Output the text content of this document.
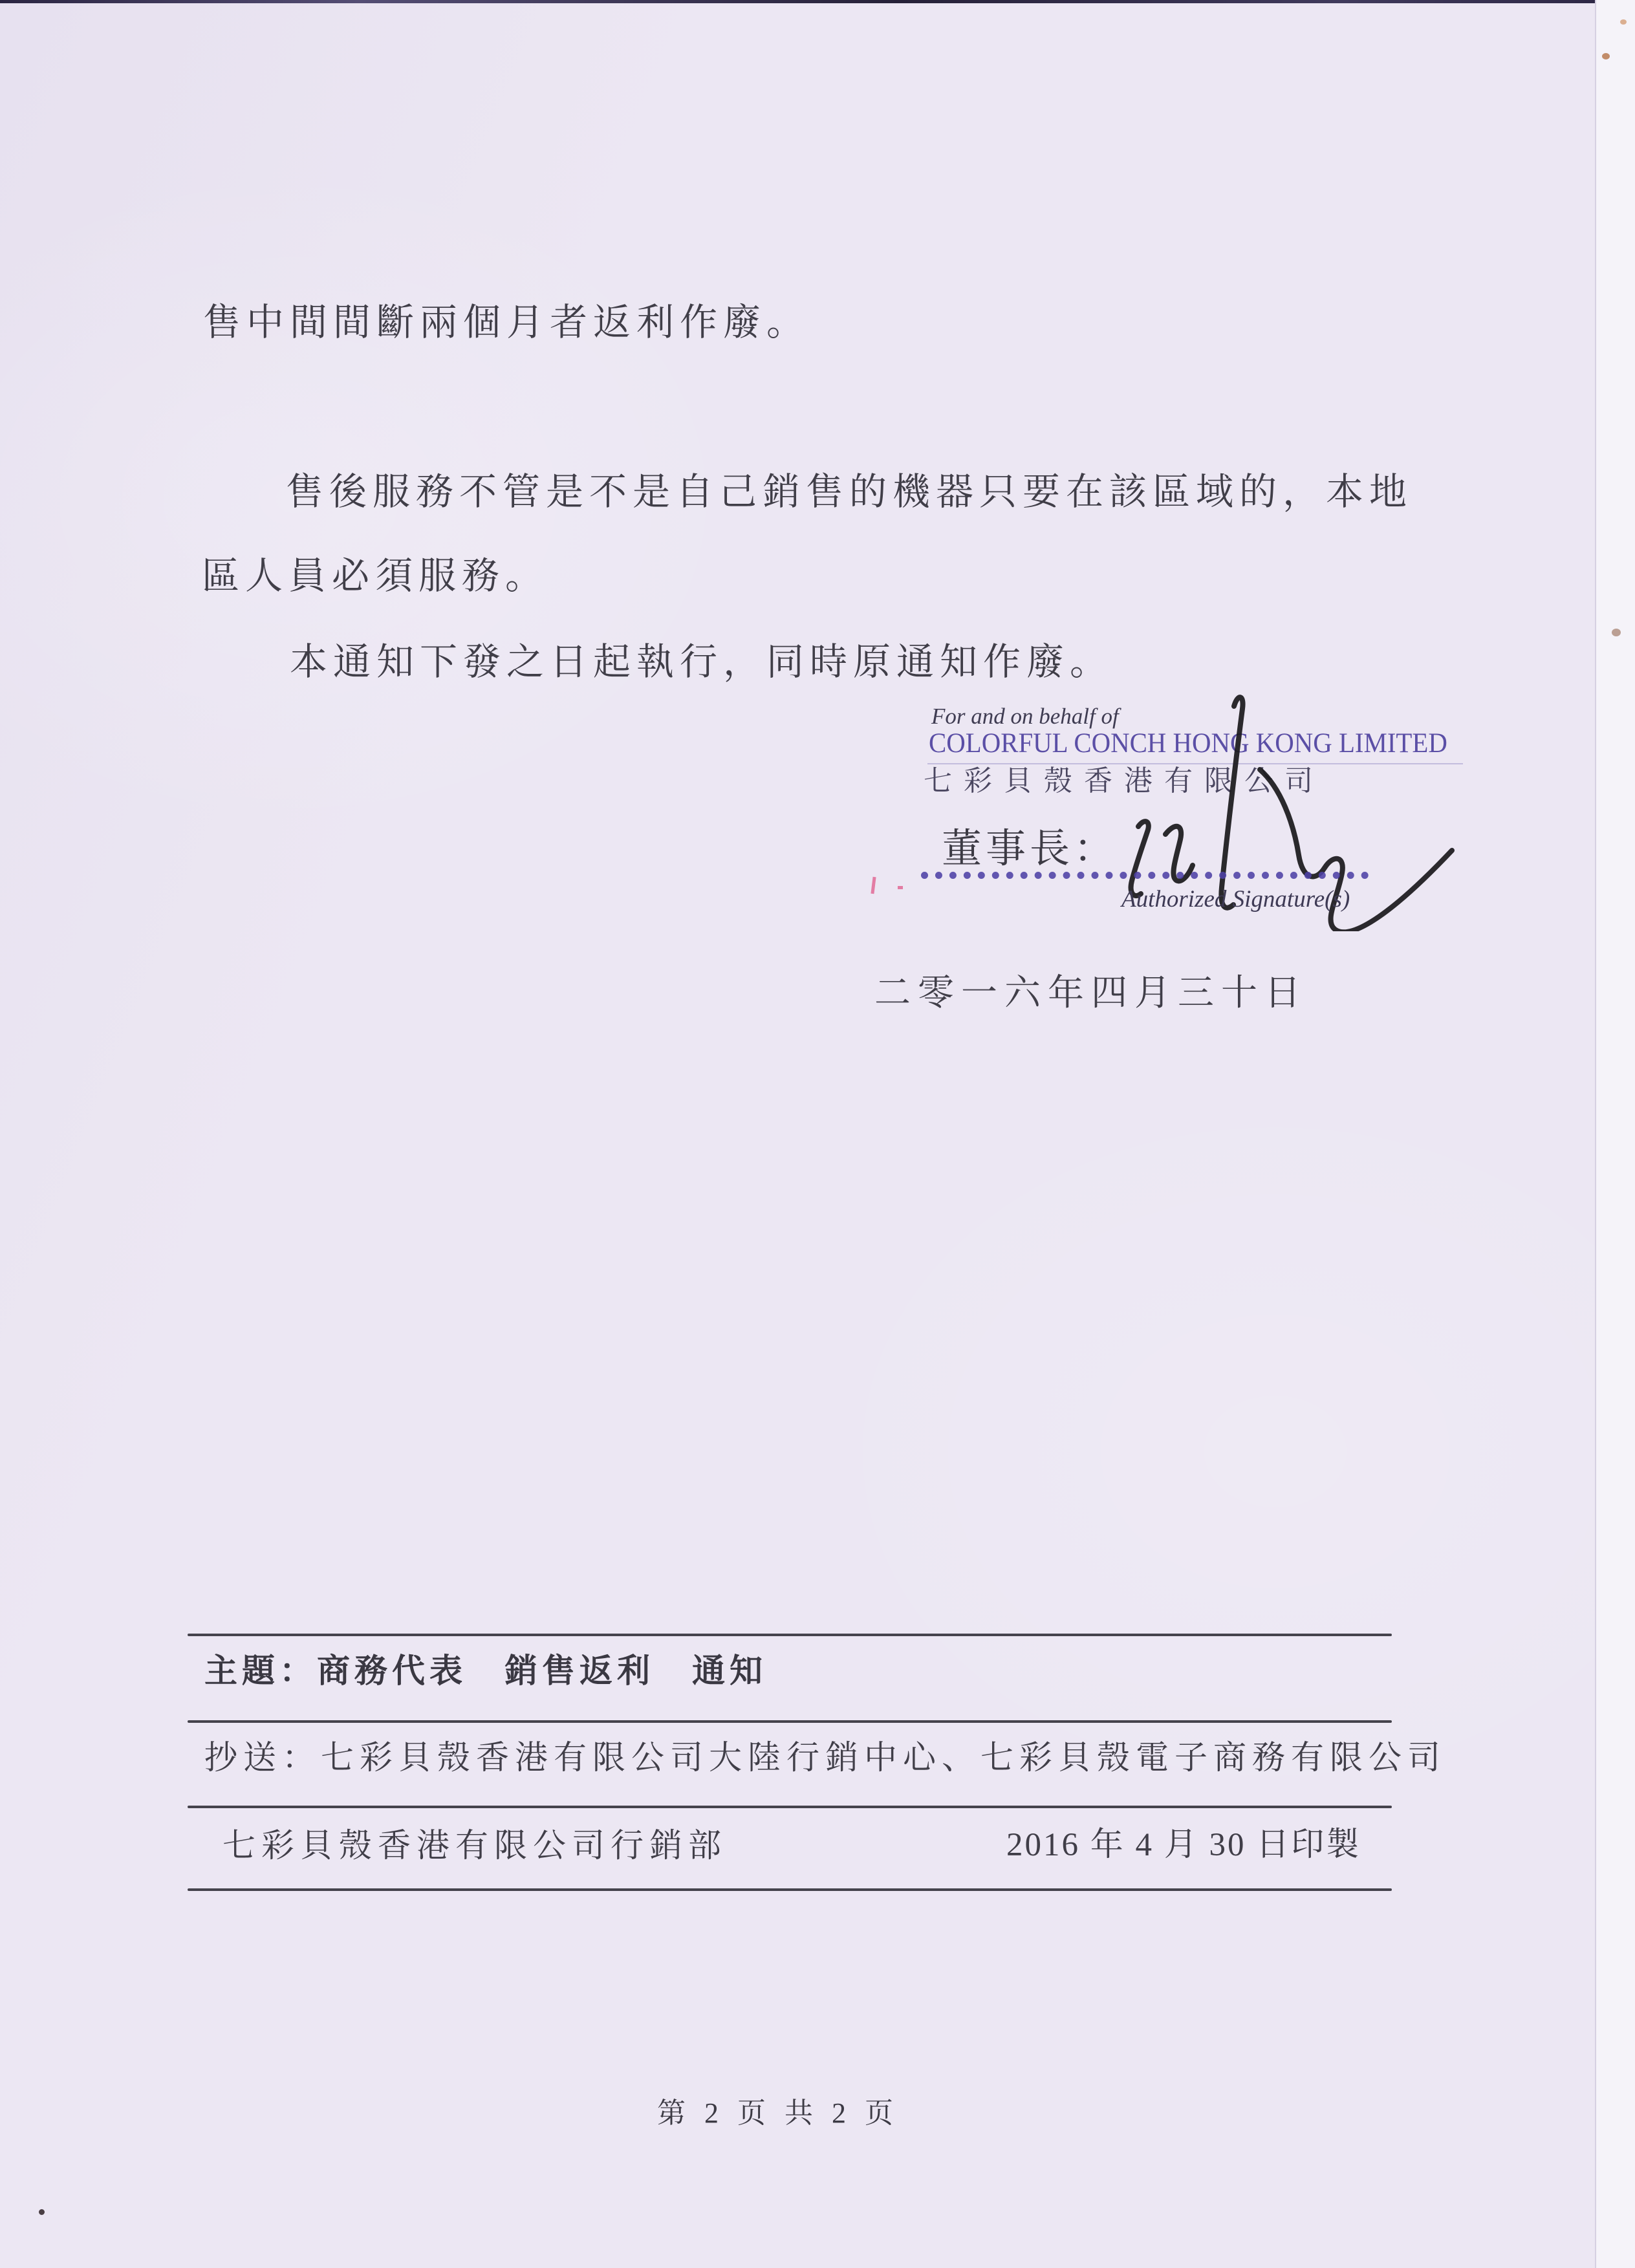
售中間間斷兩個月者返利作廢。
售後服務不管是不是自己銷售的機器只要在該區域的，本地
區人員必須服務。
本通知下發之日起執行，同時原通知作廢。
For and on behalf of
COLORFUL CONCH HONG KONG LIMITED
七彩貝殼香港有限公司
董事長：
Authorized Signature(s)
二零一六年四月三十日
主題：商務代表　銷售返利　通知
抄送：七彩貝殼香港有限公司大陸行銷中心、七彩貝殼電子商務有限公司
七彩貝殼香港有限公司行銷部	2016 年 4 月 30 日印製
第 2 页 共 2 页
